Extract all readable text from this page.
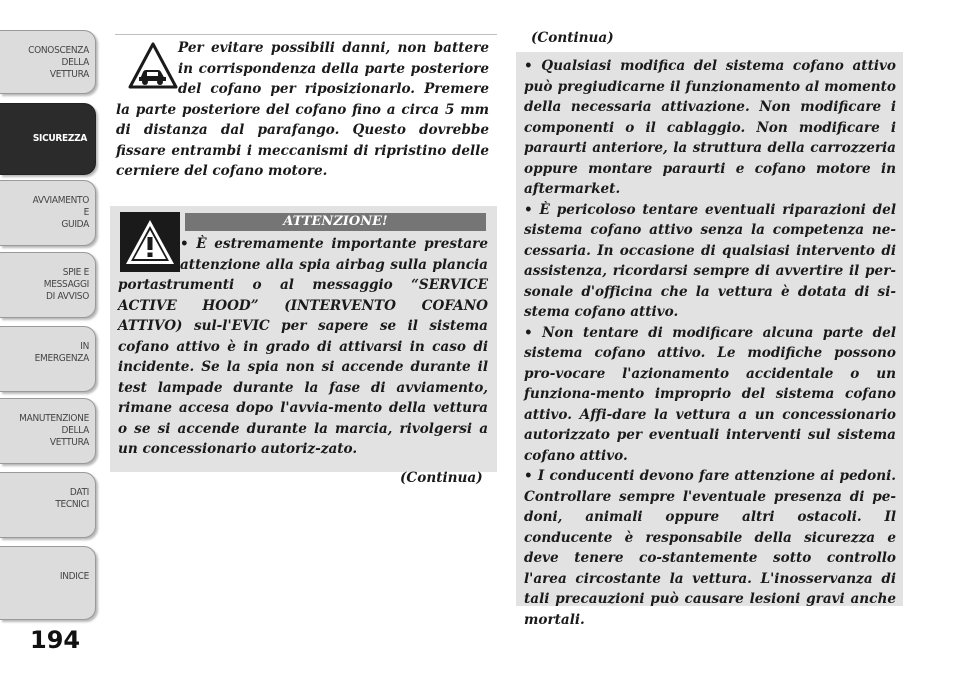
CONOSCENZA
DELLA
VETTURA
SICUREZZA
AVVIAMENTO
E
GUIDA
SPIE E
MESSAGGI
DI AVVISO
IN
EMERGENZA
MANUTENZIONE
DELLA
VETTURA
DATI
TECNICI
INDICE
194
Per evitare possibili danni, non battere in corrispondenza della parte posteriore del cofano per riposizionarlo. Premere la parte posteriore del cofano fino a circa 5 mm di distanza dal parafango. Questo dovrebbe fissare entrambi i meccanismi di ripristino delle cerniere del cofano motore.
ATTENZIONE!
• È estremamente importante prestare attenzione alla spia airbag sulla plancia portastrumenti o al messaggio “SERVICE ACTIVE HOOD” (INTERVENTO COFANO ATTIVO) sul-l'EVIC per sapere se il sistema cofano attivo è in grado di attivarsi in caso di incidente. Se la spia non si accende durante il test lampade durante la fase di avviamento, rimane accesa dopo l'avvia-mento della vettura o se si accende durante la marcia, rivolgersi a un concessionario autoriz-zato.
(Continua)
(Continua)
• Qualsiasi modifica del sistema cofano attivo può pregiudicarne il funzionamento al momento della necessaria attivazione. Non modificare i componenti o il cablaggio. Non modificare i paraurti anteriore, la struttura della carrozzeria oppure montare paraurti e cofano motore in aftermarket.
• È pericoloso tentare eventuali riparazioni del sistema cofano attivo senza la competenza ne-cessaria. In occasione di qualsiasi intervento di assistenza, ricordarsi sempre di avvertire il per-sonale d'officina che la vettura è dotata di si-stema cofano attivo.
• Non tentare di modificare alcuna parte del sistema cofano attivo. Le modifiche possono pro-vocare l'azionamento accidentale o un funziona-mento improprio del sistema cofano attivo. Affi-dare la vettura a un concessionario autorizzato per eventuali interventi sul sistema cofano attivo.
• I conducenti devono fare attenzione ai pedoni. Controllare sempre l'eventuale presenza di pe-doni, animali oppure altri ostacoli. Il conducente è responsabile della sicurezza e deve tenere co-stantemente sotto controllo l'area circostante la vettura. L'inosservanza di tali precauzioni può causare lesioni gravi anche mortali.
